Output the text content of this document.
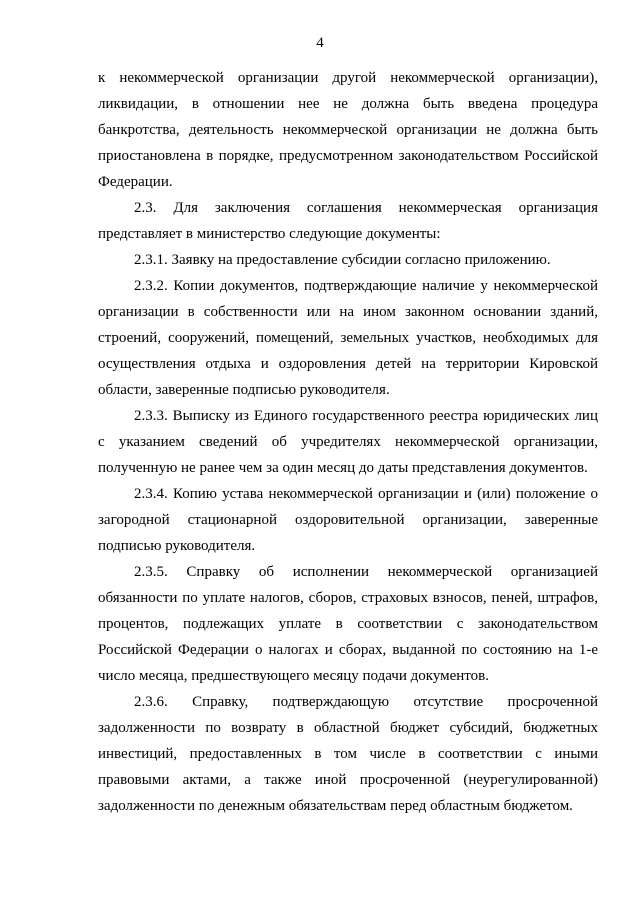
4

к некоммерческой организации другой некоммерческой организации), ликвидации, в отношении нее не должна быть введена процедура банкротства, деятельность некоммерческой организации не должна быть приостановлена в порядке, предусмотренном законодательством Российской Федерации.

2.3. Для заключения соглашения некоммерческая организация представляет в министерство следующие документы:

2.3.1. Заявку на предоставление субсидии согласно приложению.

2.3.2. Копии документов, подтверждающие наличие у некоммерческой организации в собственности или на ином законном основании зданий, строений, сооружений, помещений, земельных участков, необходимых для осуществления отдыха и оздоровления детей на территории Кировской области, заверенные подписью руководителя.

2.3.3. Выписку из Единого государственного реестра юридических лиц с указанием сведений об учредителях некоммерческой организации, полученную не ранее чем за один месяц до даты представления документов.

2.3.4. Копию устава некоммерческой организации и (или) положение о загородной стационарной оздоровительной организации, заверенные подписью руководителя.

2.3.5. Справку об исполнении некоммерческой организацией обязанности по уплате налогов, сборов, страховых взносов, пеней, штрафов, процентов, подлежащих уплате в соответствии с законодательством Российской Федерации о налогах и сборах, выданной по состоянию на 1-е число месяца, предшествующего месяцу подачи документов.

2.3.6. Справку, подтверждающую отсутствие просроченной задолженности по возврату в областной бюджет субсидий, бюджетных инвестиций, предоставленных в том числе в соответствии с иными правовыми актами, а также иной просроченной (неурегулированной) задолженности по денежным обязательствам перед областным бюджетом.
